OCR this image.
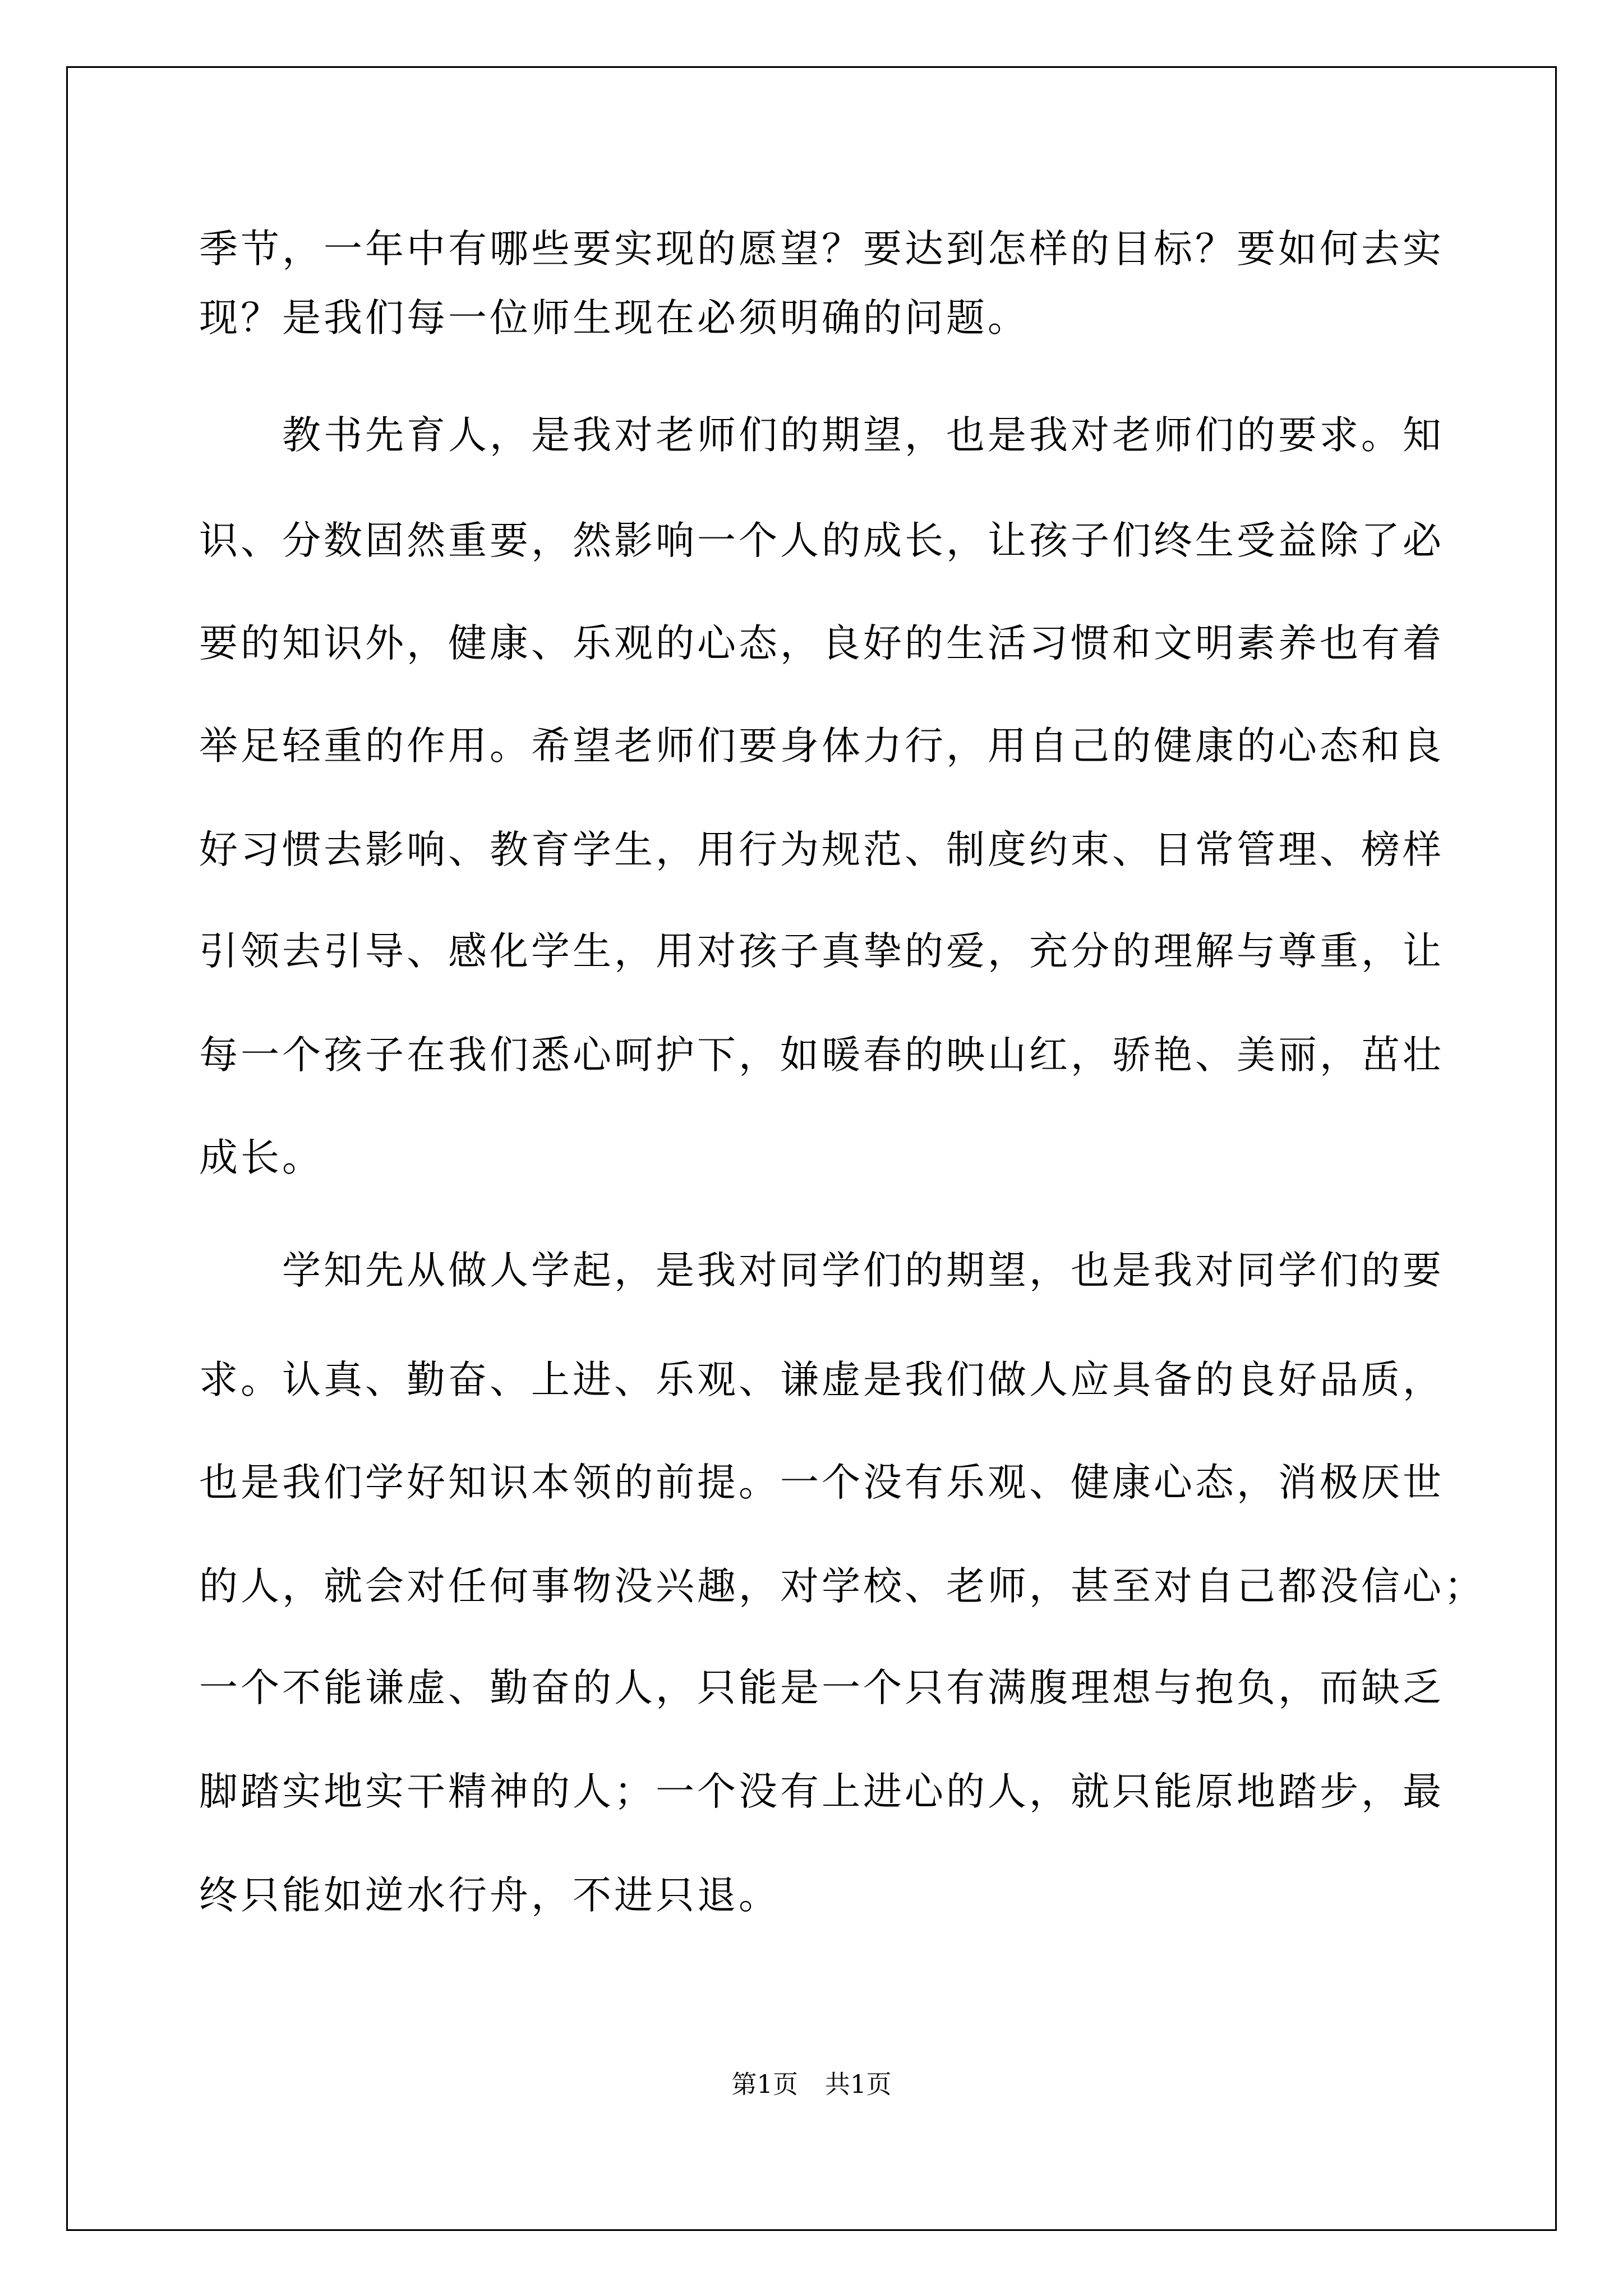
季节，一年中有哪些要实现的愿望？要达到怎样的目标？要如何去实
现？是我们每一位师生现在必须明确的问题。
教书先育人，是我对老师们的期望，也是我对老师们的要求。知
识、分数固然重要，然影响一个人的成长，让孩子们终生受益除了必
要的知识外，健康、乐观的心态，良好的生活习惯和文明素养也有着
举足轻重的作用。希望老师们要身体力行，用自己的健康的心态和良
好习惯去影响、教育学生，用行为规范、制度约束、日常管理、榜样
引领去引导、感化学生，用对孩子真挚的爱，充分的理解与尊重，让
每一个孩子在我们悉心呵护下，如暖春的映山红，骄艳、美丽，茁壮
成长。
学知先从做人学起，是我对同学们的期望，也是我对同学们的要
求。认真、勤奋、上进、乐观、谦虚是我们做人应具备的良好品质，
也是我们学好知识本领的前提。一个没有乐观、健康心态，消极厌世
的人，就会对任何事物没兴趣，对学校、老师，甚至对自己都没信心；
一个不能谦虚、勤奋的人，只能是一个只有满腹理想与抱负，而缺乏
脚踏实地实干精神的人；一个没有上进心的人，就只能原地踏步，最
终只能如逆水行舟，不进只退。
第1页 共1页
